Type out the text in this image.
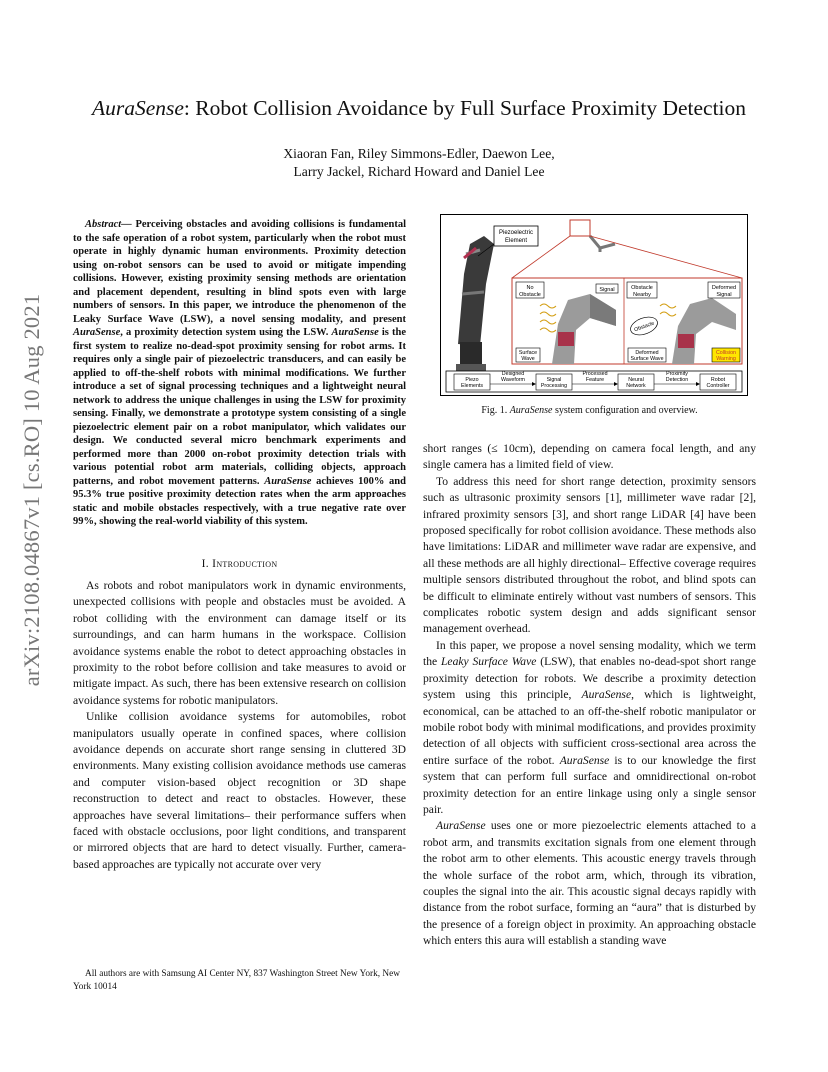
arXiv:2108.04867v1 [cs.RO] 10 Aug 2021
AuraSense: Robot Collision Avoidance by Full Surface Proximity Detection
Xiaoran Fan, Riley Simmons-Edler, Daewon Lee,
Larry Jackel, Richard Howard and Daniel Lee
Abstract— Perceiving obstacles and avoiding collisions is fundamental to the safe operation of a robot system, particularly when the robot must operate in highly dynamic human environments. Proximity detection using on-robot sensors can be used to avoid or mitigate impending collisions. However, existing proximity sensing methods are orientation and placement dependent, resulting in blind spots even with large numbers of sensors. In this paper, we introduce the phenomenon of the Leaky Surface Wave (LSW), a novel sensing modality, and present AuraSense, a proximity detection system using the LSW. AuraSense is the first system to realize no-dead-spot proximity sensing for robot arms. It requires only a single pair of piezoelectric transducers, and can easily be applied to off-the-shelf robots with minimal modifications. We further introduce a set of signal processing techniques and a lightweight neural network to address the unique challenges in using the LSW for proximity sensing. Finally, we demonstrate a prototype system consisting of a single piezoelectric element pair on a robot manipulator, which validates our design. We conducted several micro benchmark experiments and performed more than 2000 on-robot proximity detection trials with various potential robot arm materials, colliding objects, approach patterns, and robot movement patterns. AuraSense achieves 100% and 95.3% true positive proximity detection rates when the arm approaches static and mobile obstacles respectively, with a true negative rate over 99%, showing the real-world viability of this system.
I. Introduction

As robots and robot manipulators work in dynamic environments, unexpected collisions with people and obstacles must be avoided. A robot colliding with the environment can damage itself or its surroundings, and can harm humans in the workspace. Collision avoidance systems enable the robot to detect approaching obstacles in proximity to the robot before collision and take measures to avoid or mitigate impact. As such, there has been extensive research on collision avoidance systems for robotic manipulators.

Unlike collision avoidance systems for automobiles, robot manipulators usually operate in confined spaces, where collision avoidance depends on accurate short range sensing in cluttered 3D environments. Many existing collision avoidance methods use cameras and computer vision-based object recognition or 3D shape reconstruction to detect and react to obstacles. However, these approaches have several limitations– their performance suffers when faced with obstacle occlusions, poor light conditions, and transparent or mirrored objects that are hard to detect visually. Further, camera-based approaches are typically not accurate over very

All authors are with Samsung AI Center NY, 837 Washington Street New York, New York 10014
Piezoelectric
Element
No
Obstacle
Signal
Surface
Wave
Obstacle
Nearby
Obstacle
Deformed
Signal
Deformed
Surface Wave
Collision
Warning
Piezo
Elements
Signal
Processing
Neural
Network
Robot
Controller
Designed
Waveform
Processed
Feature
Proximity
Detection
Fig. 1. AuraSense system configuration and overview.

short ranges (≤ 10cm), depending on camera focal length, and any single camera has a limited field of view.

To address this need for short range detection, proximity sensors such as ultrasonic proximity sensors [1], millimeter wave radar [2], infrared proximity sensors [3], and short range LiDAR [4] have been proposed specifically for robot collision avoidance. These methods also have limitations: LiDAR and millimeter wave radar are expensive, and all these methods are all highly directional– Effective coverage requires multiple sensors distributed throughout the robot, and blind spots can be difficult to eliminate entirely without vast numbers of sensors. This complicates robotic system design and adds significant sensor management overhead.

In this paper, we propose a novel sensing modality, which we term the Leaky Surface Wave (LSW), that enables no-dead-spot short range proximity detection for robots. We describe a proximity detection system using this principle, AuraSense, which is lightweight, economical, can be attached to an off-the-shelf robotic manipulator or mobile robot body with minimal modifications, and provides proximity detection of all objects with sufficient cross-sectional area across the entire surface of the robot. AuraSense is to our knowledge the first system that can perform full surface and omnidirectional on-robot proximity detection for an entire linkage using only a single sensor pair.

AuraSense uses one or more piezoelectric elements attached to a robot arm, and transmits excitation signals from one element through the robot arm to other elements. This acoustic energy travels through the whole surface of the robot arm, which, through its vibration, couples the signal into the air. This acoustic signal decays rapidly with distance from the robot surface, forming an “aura” that is disturbed by the presence of a foreign object in proximity. An approaching obstacle which enters this aura will establish a standing wave
